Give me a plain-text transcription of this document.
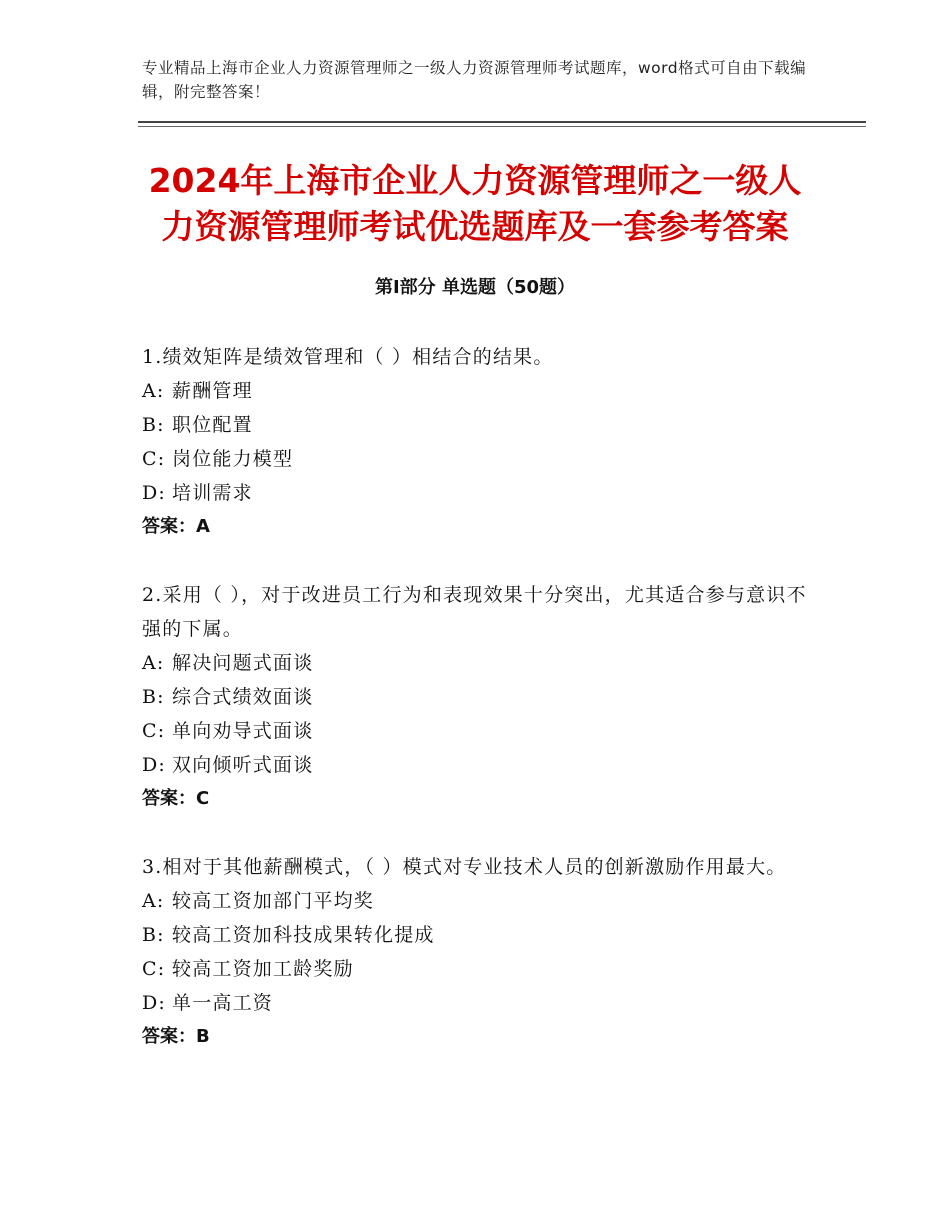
专业精品上海市企业人力资源管理师之一级人力资源管理师考试题库，word格式可自由下载编辑，附完整答案！
2024年上海市企业人力资源管理师之一级人力资源管理师考试优选题库及一套参考答案
第Ⅰ部分 单选题（50题）
1.绩效矩阵是绩效管理和（ ）相结合的结果。
A: 薪酬管理
B: 职位配置
C: 岗位能力模型
D: 培训需求
答案：A
2.采用（ ），对于改进员工行为和表现效果十分突出，尤其适合参与意识不强的下属。
A: 解决问题式面谈
B: 综合式绩效面谈
C: 单向劝导式面谈
D: 双向倾听式面谈
答案：C
3.相对于其他薪酬模式，（ ）模式对专业技术人员的创新激励作用最大。
A: 较高工资加部门平均奖
B: 较高工资加科技成果转化提成
C: 较高工资加工龄奖励
D: 单一高工资
答案：B
